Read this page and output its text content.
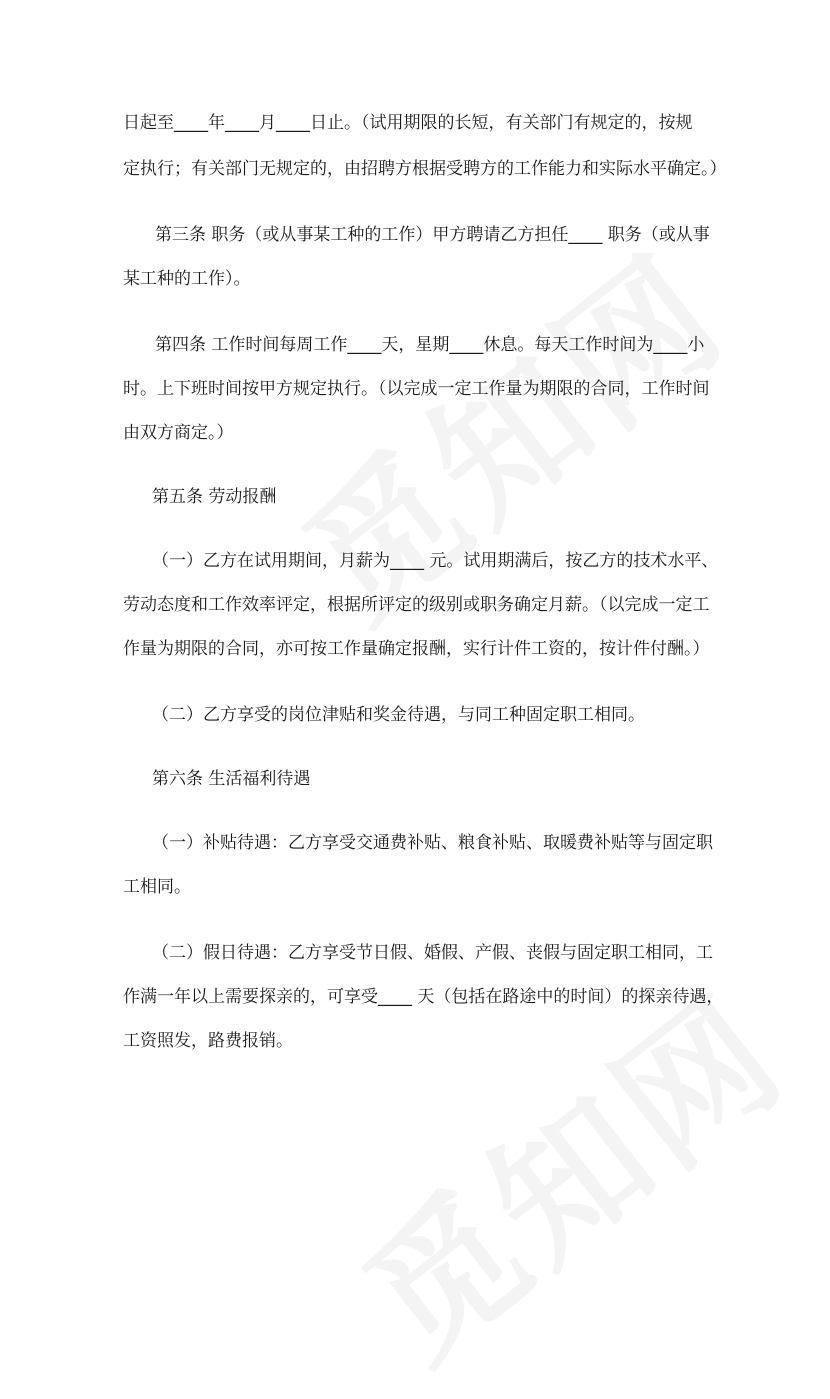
日起至____年____月____日止。（试用期限的长短，有关部门有规定的，按规
定执行；有关部门无规定的，由招聘方根据受聘方的工作能力和实际水平确定。）
第三条 职务（或从事某工种的工作）甲方聘请乙方担任____ 职务（或从事
某工种的工作）。
第四条 工作时间每周工作____天，星期____休息。每天工作时间为____小
时。上下班时间按甲方规定执行。（以完成一定工作量为期限的合同，工作时间
由双方商定。）
第五条 劳动报酬
（一）乙方在试用期间，月薪为____ 元。试用期满后，按乙方的技术水平、
劳动态度和工作效率评定，根据所评定的级别或职务确定月薪。（以完成一定工
作量为期限的合同，亦可按工作量确定报酬，实行计件工资的，按计件付酬。）
（二）乙方享受的岗位津贴和奖金待遇，与同工种固定职工相同。
第六条 生活福利待遇
（一）补贴待遇：乙方享受交通费补贴、粮食补贴、取暖费补贴等与固定职
工相同。
（二）假日待遇：乙方享受节日假、婚假、产假、丧假与固定职工相同，工
作满一年以上需要探亲的，可享受____ 天（包括在路途中的时间）的探亲待遇，
工资照发，路费报销。
